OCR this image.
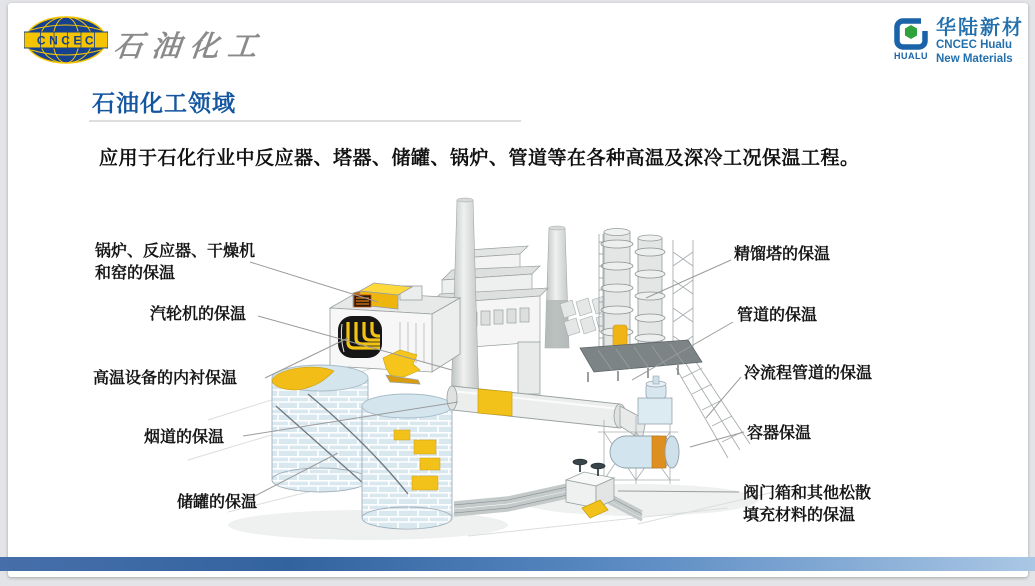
CNCEC 石油化工	HUALU
华陆新材
CNCEC Hualu
New Materials
石油化工领域
应用于石化行业中反应器、塔器、储罐、锅炉、管道等在各种高温及深冷工况保温工程。
锅炉、反应器、干燥机
和窑的保温
汽轮机的保温
高温设备的内衬保温
烟道的保温
储罐的保温
精馏塔的保温
管道的保温
冷流程管道的保温
容器保温
阀门箱和其他松散
填充材料的保温
